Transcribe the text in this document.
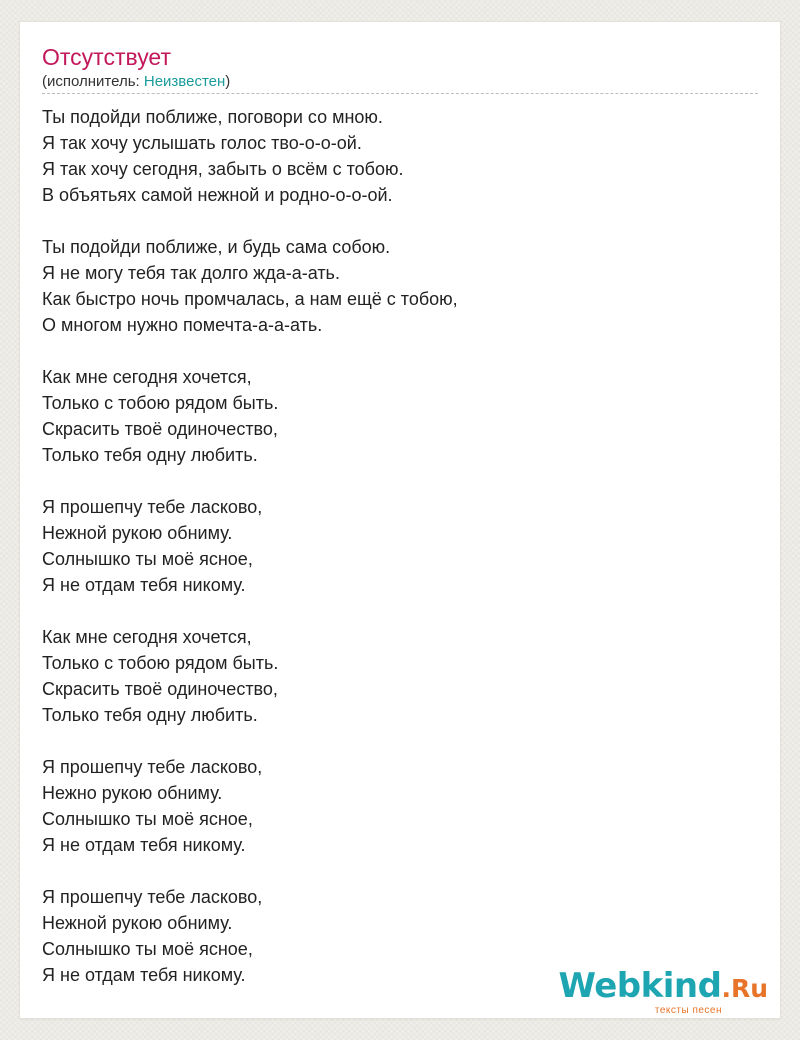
Отсутствует
(исполнитель: Неизвестен)
Ты подойди поближе, поговори со мною.
Я так хочу услышать голос тво-о-о-ой.
Я так хочу сегодня, забыть о всём с тобою.
В объятьях самой нежной и родно-о-о-ой.
Ты подойди поближе, и будь сама собою.
Я не могу тебя так долго жда-а-ать.
Как быстро ночь промчалась, а нам ещё с тобою,
О многом нужно помечта-а-а-ать.
Как мне сегодня хочется,
Только с тобою рядом быть.
Скрасить твоё одиночество,
Только тебя одну любить.
Я прошепчу тебе ласково,
Нежной рукою обниму.
Солнышко ты моё ясное,
Я не отдам тебя никому.
Как мне сегодня хочется,
Только с тобою рядом быть.
Скрасить твоё одиночество,
Только тебя одну любить.
Я прошепчу тебе ласково,
Нежно рукою обниму.
Солнышко ты моё ясное,
Я не отдам тебя никому.
Я прошепчу тебе ласково,
Нежной рукою обниму.
Солнышко ты моё ясное,
Я не отдам тебя никому.	Webkind.Ru
тексты песен
